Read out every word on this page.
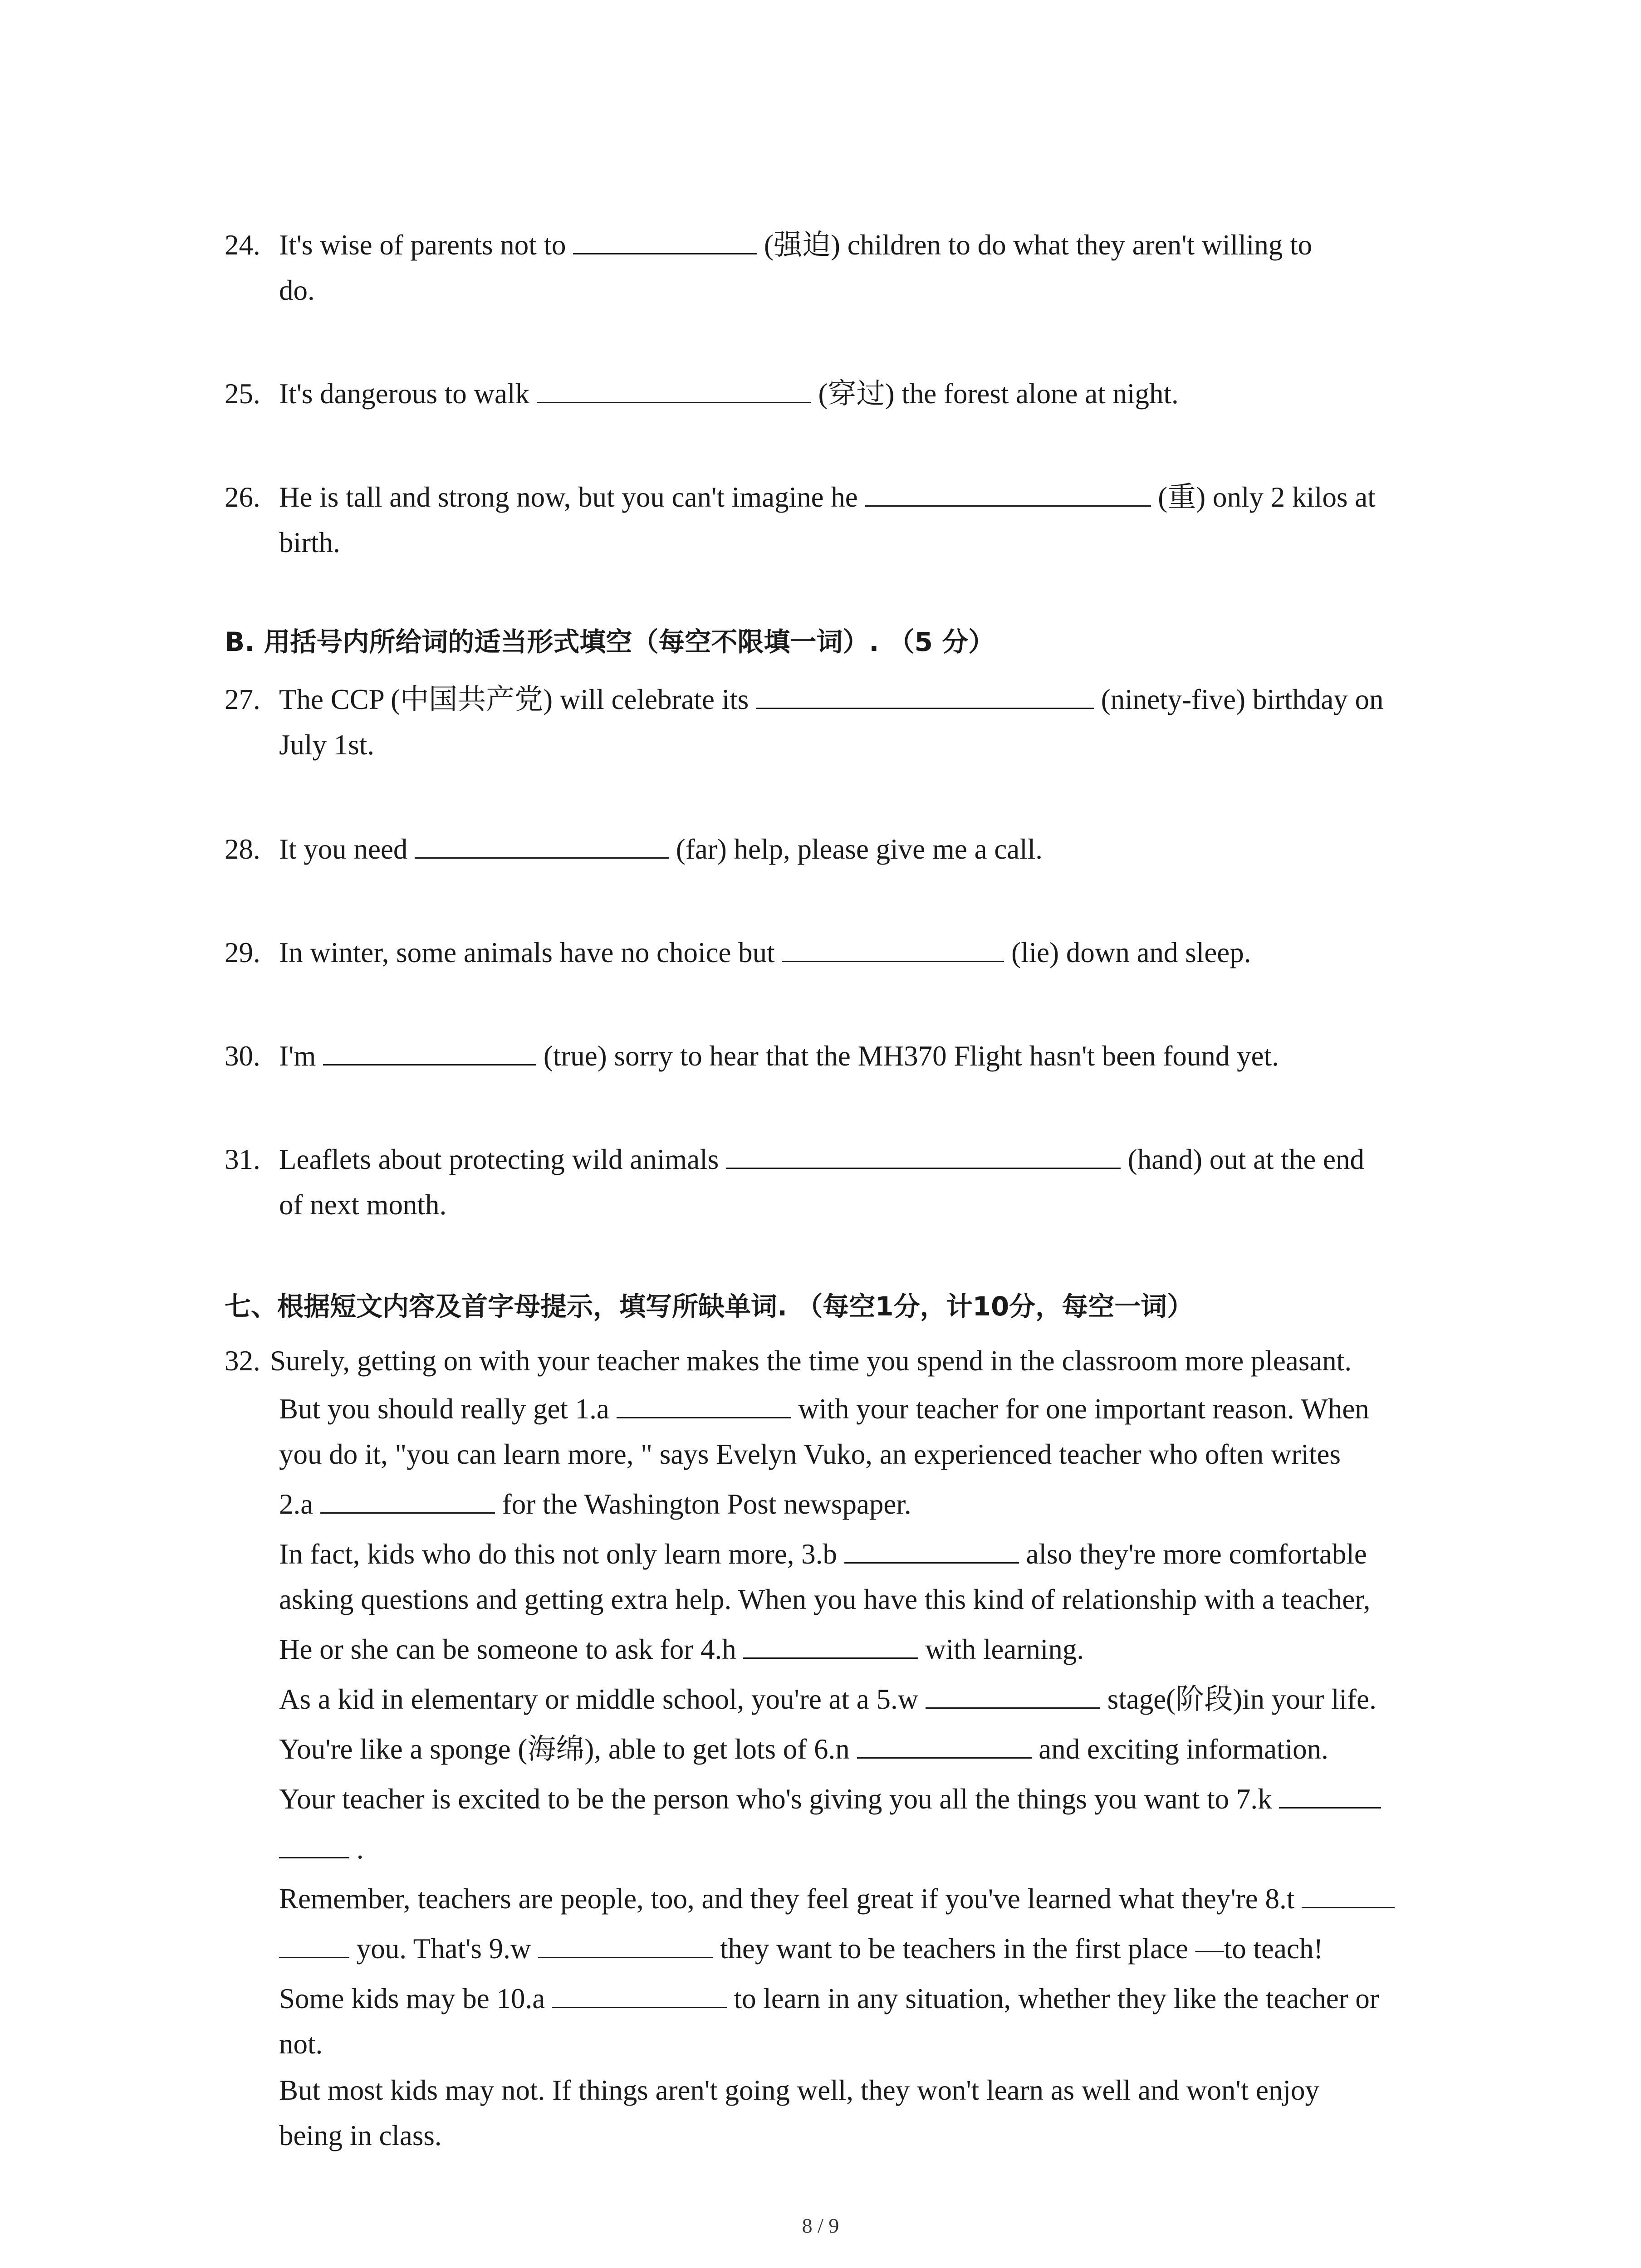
24. It's wise of parents not to	(强迫) children to do what they aren't willing to
do.
25. It's dangerous to walk	(穿过) the forest alone at night.
26. He is tall and strong now, but you can't imagine he	(重) only 2 kilos at
birth.
B. 用括号内所给词的适当形式填空（每空不限填一词）. （5 分）
27. The CCP (中国共产党) will celebrate its	(ninety-five) birthday on
July 1st.
28. It you need	(far) help, please give me a call.
29. In winter, some animals have no choice but	(lie) down and sleep.
30. I'm	(true) sorry to hear that the MH370 Flight hasn't been found yet.
31. Leaflets about protecting wild animals	(hand) out at the end
of next month.
七、根据短文内容及首字母提示，填写所缺单词. （每空1分，计10分，每空一词）
32. Surely, getting on with your teacher makes the time you spend in the classroom more pleasant.
But you should really get 1.a	with your teacher for one important reason. When
you do it, "you can learn more, " says Evelyn Vuko, an experienced teacher who often writes
2.a	for the Washington Post newspaper.
In fact, kids who do this not only learn more, 3.b	also they're more comfortable
asking questions and getting extra help. When you have this kind of relationship with a teacher,
He or she can be someone to ask for 4.h	with learning.
As a kid in elementary or middle school, you're at a 5.w	stage(阶段)in your life.
You're like a sponge (海绵), able to get lots of 6.n	and exciting information.
Your teacher is excited to be the person who's giving you all the things you want to 7.k
.
Remember, teachers are people, too, and they feel great if you've learned what they're 8.t
you. That's 9.w	they want to be teachers in the first place —to teach!
Some kids may be 10.a	to learn in any situation, whether they like the teacher or
not.
But most kids may not. If things aren't going well, they won't learn as well and won't enjoy
being in class.
8 / 9
